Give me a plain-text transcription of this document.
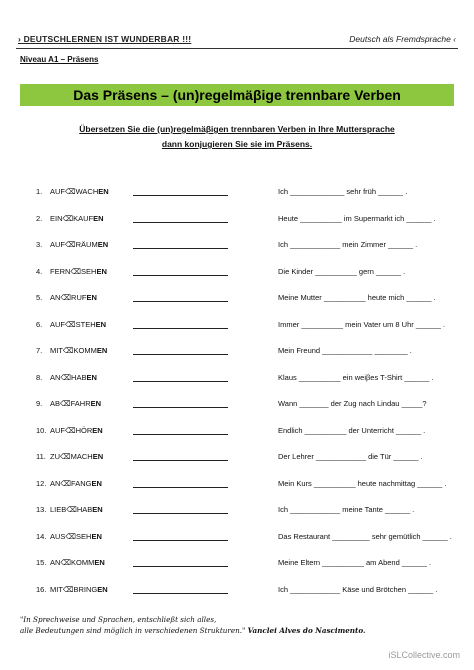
› DEUTSCHLERNEN IST WUNDERBAR !!!	Deutsch als Fremdsprache ‹
Niveau A1 – Präsens
Das Präsens – (un)regelmäβige trennbare Verben
Übersetzen Sie die (un)regelmäβigen trennbaren Verben in Ihre Muttersprache
dann konjugieren Sie sie im Präsens.
1. AUF⌫WACHEN	Ich _____________ sehr früh ______ .
2. EIN⌫KAUFEN	Heute __________ im Supermarkt ich ______ .
3. AUF⌫RÄUMEN	Ich ____________ mein Zimmer ______ .
4. FERN⌫SEHEN	Die Kinder __________ gern ______ .
5. AN⌫RUFEN	Meine Mutter __________ heute mich ______ .
6. AUF⌫STEHEN	Immer __________ mein Vater um 8 Uhr ______ .
7. MIT⌫KOMMEN	Mein Freund ____________ ________ .
8. AN⌫HABEN	Klaus __________ ein weiβes T-Shirt ______ .
9. AB⌫FAHREN	Wann _______ der Zug nach Lindau _____?
10. AUF⌫HÖREN	Endlich __________ der Unterricht ______ .
11. ZU⌫MACHEN	Der Lehrer ____________ die Tür ______ .
12. AN⌫FANGEN	Mein Kurs __________ heute nachmittag ______ .
13. LIEB⌫HABEN	Ich ____________ meine Tante ______ .
14. AUS⌫SEHEN	Das Restaurant _________ sehr gemütlich ______ .
15. AN⌫KOMMEN	Meine Eltern __________ am Abend ______ .
16. MIT⌫BRINGEN	Ich ____________ Käse und Brötchen ______ .
"In Sprechweise und Sprachen, entschließt sich alles,
alle Bedeutungen sind möglich in verschiedenen Strukturen." Vanclei Alves do Nascimento.
iSLCollective.com
